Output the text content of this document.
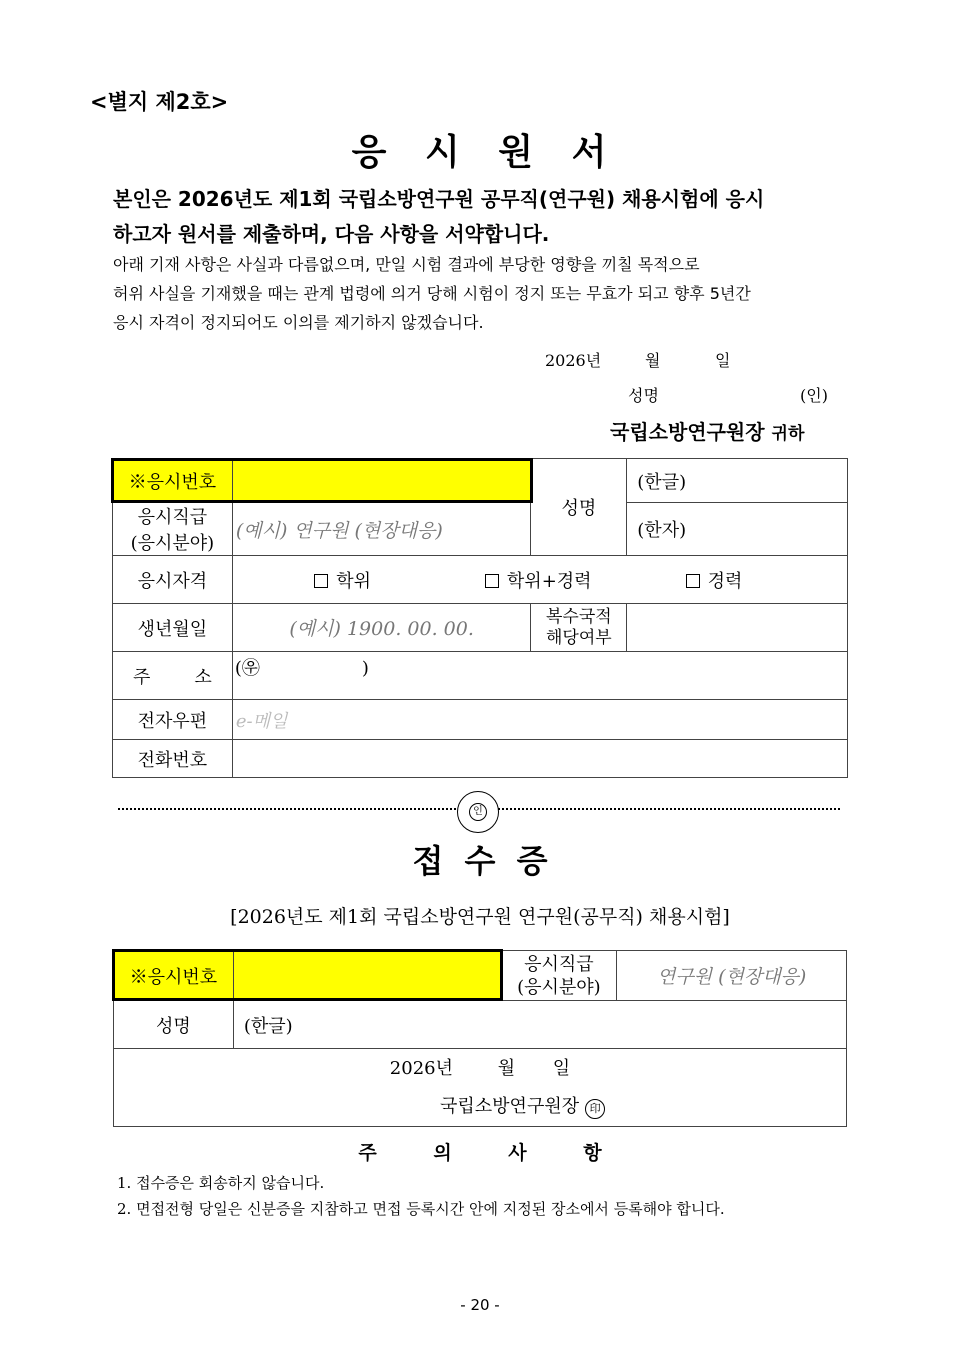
<별지 제2호>
응 시 원 서
본인은 2026년도 제1회 국립소방연구원 공무직(연구원) 채용시험에 응시
하고자 원서를 제출하며, 다음 사항을 서약합니다.

아래 기재 사항은 사실과 다름없으며, 만일 시험 결과에 부당한 영향을 끼칠 목적으로

허위 사실을 기재했을 때는 관계 법령에 의거 당해 시험이 정지 또는 무효가 되고 향후 5년간

응시 자격이 정지되어도 이의를 제기하지 않겠습니다.

2026년	월	일
성명	(인)
국립소방연구원장 귀하
※응시번호		성명	(한글)
응시직급
(응시분야)	(예시) 연구원 (현장대응)		(한자)
응시자격	학위 학위+경력 경력		
생년월일	(예시) 1900. 00. 00.	복수국적
해당여부	
주 소	(㉾ )		
전자우편	e-메일		
전화번호			
인
접 수 증
[2026년도 제1회 국립소방연구원 연구원(공무직) 채용시험]
※응시번호		응시직급
(응시분야)	연구원 (현장대응)
성명	(한글)		

2026년 월 일
국립소방연구원장 印			
주 의 사 항
1. 접수증은 회송하지 않습니다.
2. 면접전형 당일은 신분증을 지참하고 면접 등록시간 안에 지정된 장소에서 등록해야 합니다.
- 20 -
